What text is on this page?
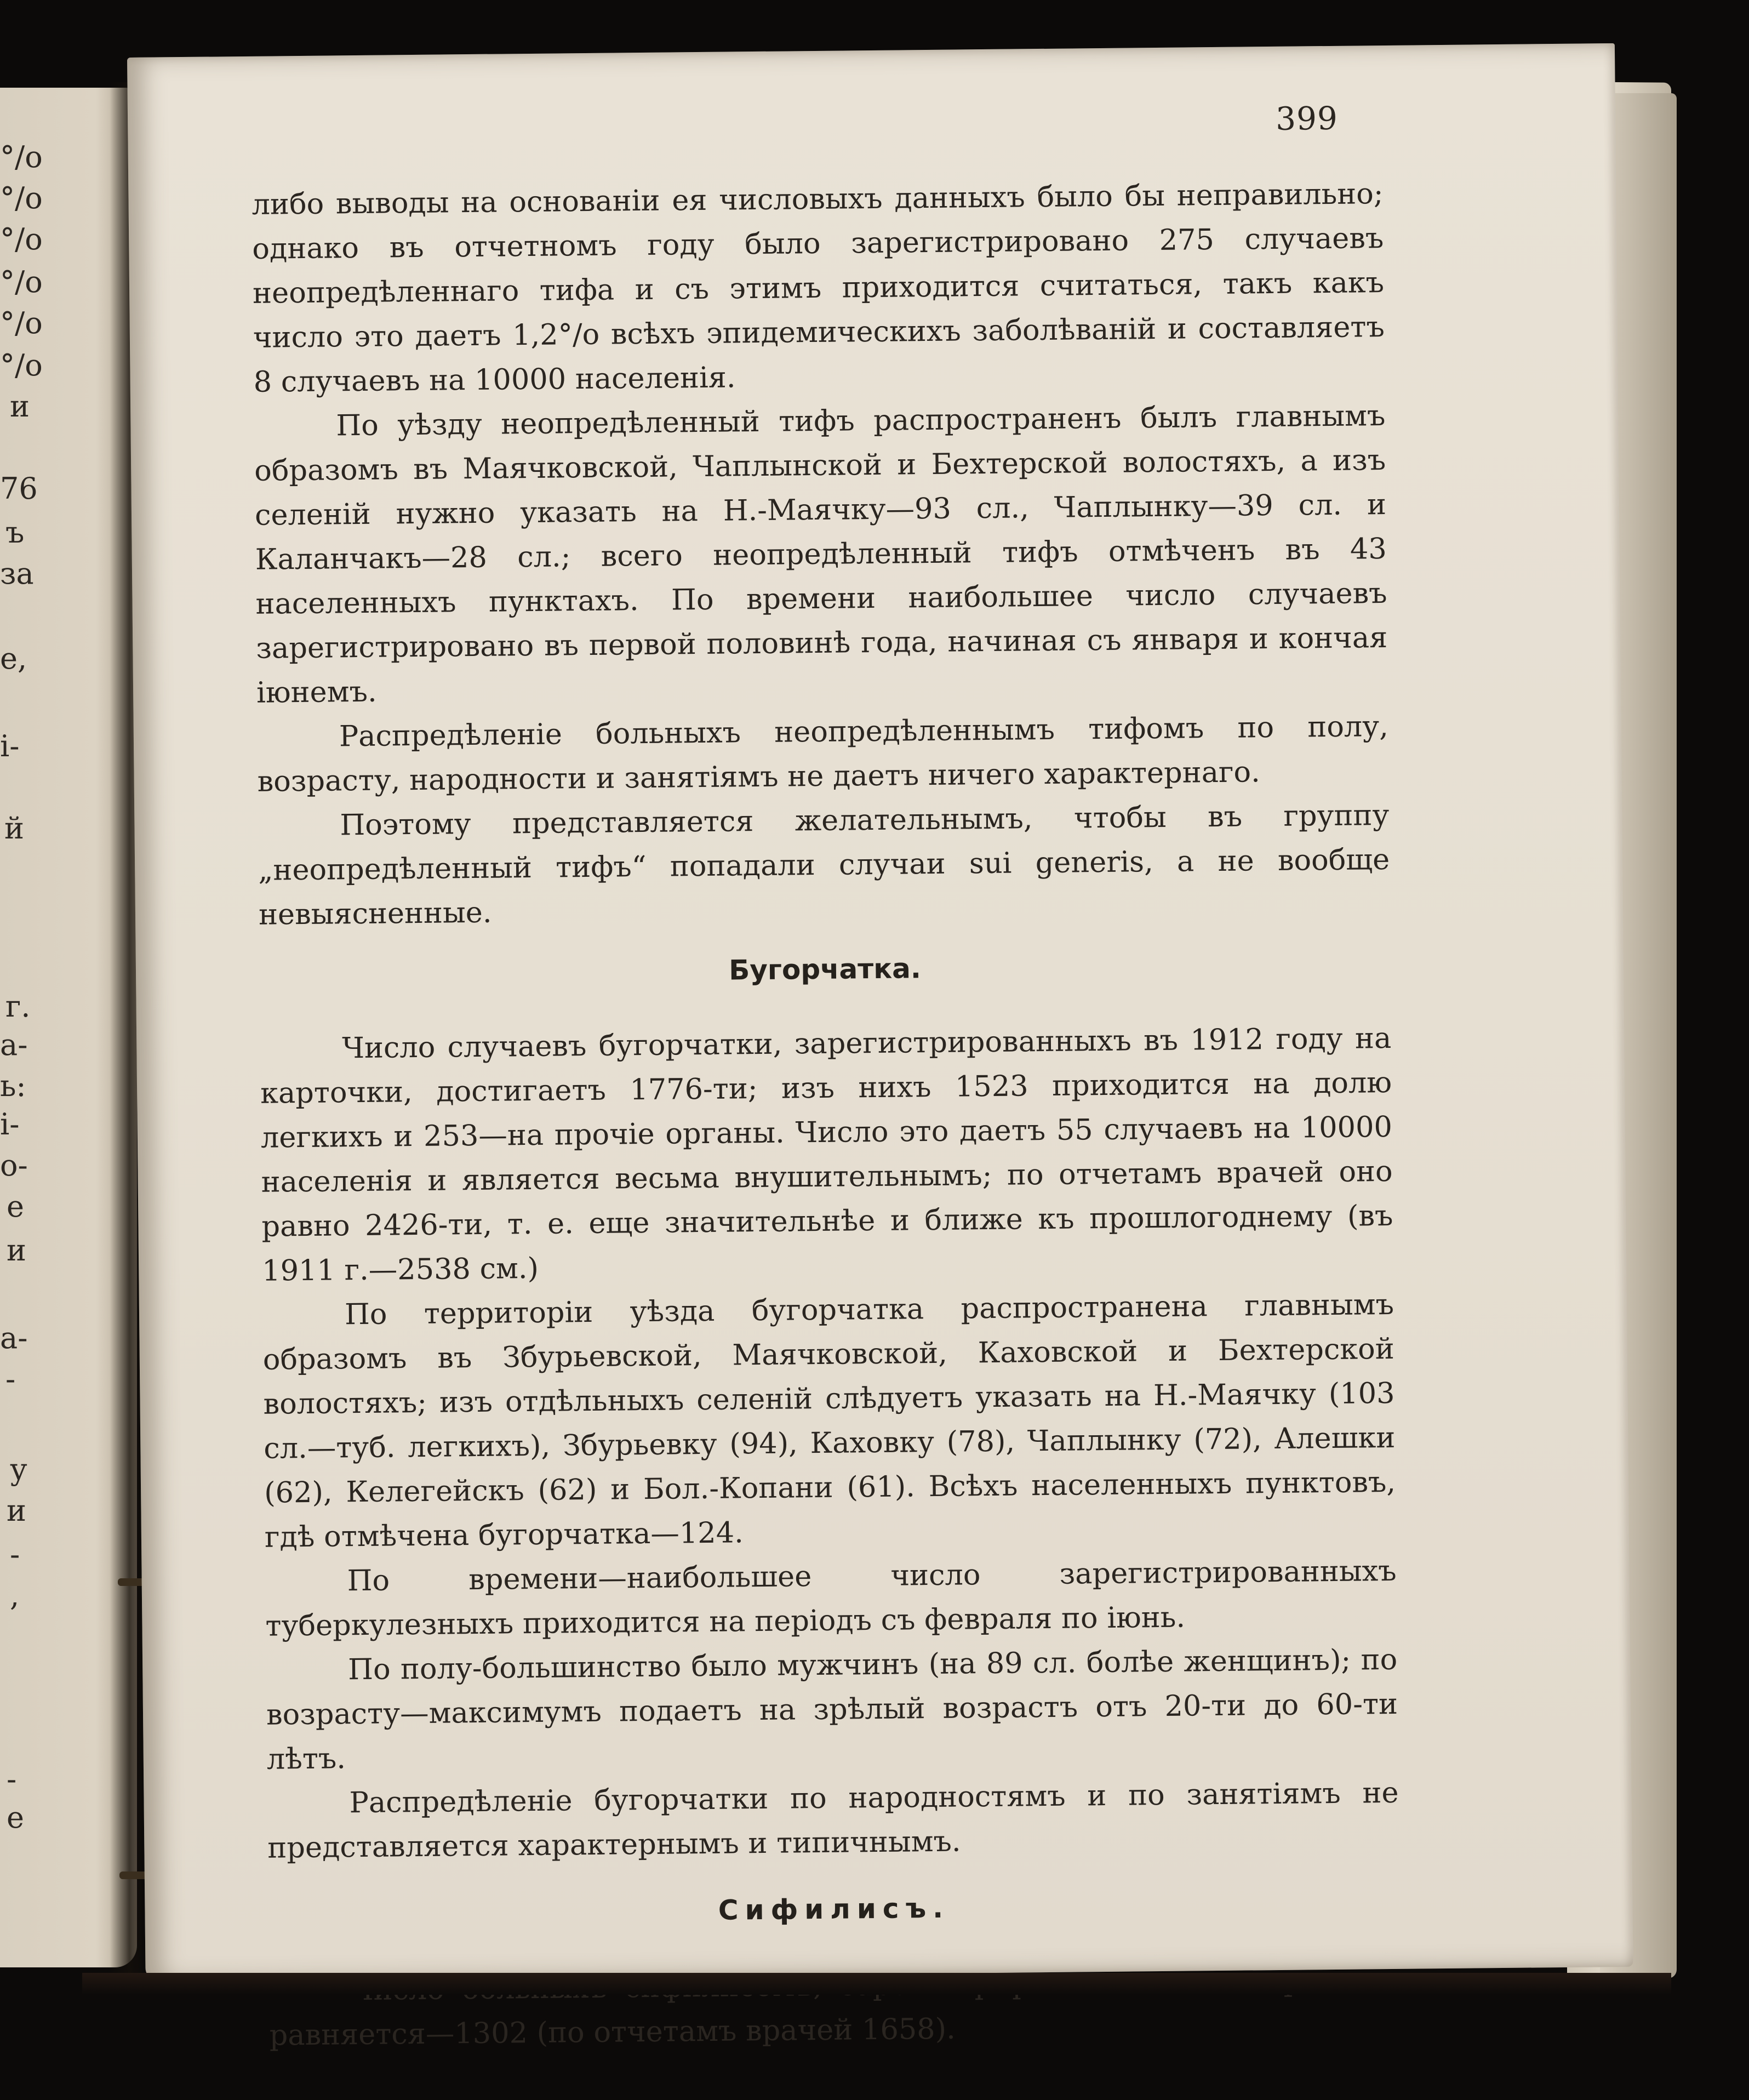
°/o
°/o
°/o
°/o
°/o
°/o
и
76
ъ
за
е,
і-
й
г.
а-
ь:
і-
о-
е
и
а-
-
у
и
-
,
-
е
399

либо выводы на основаніи ея числовыхъ данныхъ было бы неправильно; однако въ отчетномъ году было зарегистрировано 275 случаевъ неопредѣленнаго тифа и съ этимъ приходится считаться, такъ какъ число это даетъ 1,2°/o всѣхъ эпидемическихъ заболѣваній и составляетъ 8 случаевъ на 10000 населенія.

По уѣзду неопредѣленный тифъ распространенъ былъ главнымъ образомъ въ Маячковской, Чаплынской и Бехтерской волостяхъ, а изъ селеній нужно указать на Н.-Маячку—93 сл., Чаплынку—39 сл. и Каланчакъ—28 сл.; всего неопредѣленный тифъ отмѣченъ въ 43 населенныхъ пунктахъ. По времени наибольшее число случаевъ зарегистрировано въ первой половинѣ года, начиная съ января и кончая іюнемъ.

Распредѣленіе больныхъ неопредѣленнымъ тифомъ по полу, возрасту, народности и занятіямъ не даетъ ничего характернаго.

Поэтому представляется желательнымъ, чтобы въ группу „неопредѣленный тифъ“ попадали случаи sui generis, а не вообще невыясненные.

Бугорчатка.

Число случаевъ бугорчатки, зарегистрированныхъ въ 1912 году на карточки, достигаетъ 1776-ти; изъ нихъ 1523 приходится на долю легкихъ и 253—на прочіе органы. Число это даетъ 55 случаевъ на 10000 населенія и является весьма внушительнымъ; по отчетамъ врачей оно равно 2426-ти, т. е. еще значительнѣе и ближе къ прошлогоднему (въ 1911 г.—2538 см.)

По территоріи уѣзда бугорчатка распространена главнымъ образомъ въ Збурьевской, Маячковской, Каховской и Бехтерской волостяхъ; изъ отдѣльныхъ селеній слѣдуетъ указать на Н.-Маячку (103 сл.—туб. легкихъ), Збурьевку (94), Каховку (78), Чаплынку (72), Алешки (62), Келегейскъ (62) и Бол.-Копани (61). Всѣхъ населенныхъ пунктовъ, гдѣ отмѣчена бугорчатка—124.

По времени—наибольшее число зарегистрированныхъ туберкулезныхъ приходится на періодъ съ февраля по іюнь.

По полу-большинство было мужчинъ (на 89 сл. болѣе женщинъ); по возрасту—максимумъ подаетъ на зрѣлый возрастъ отъ 20-ти до 60-ти лѣтъ.

Распредѣленіе бугорчатки по народностямъ и по занятіямъ не представляется характернымъ и типичнымъ.

Сифилисъ.

равняется—1302 (по отчетамъ врачей 1658).
